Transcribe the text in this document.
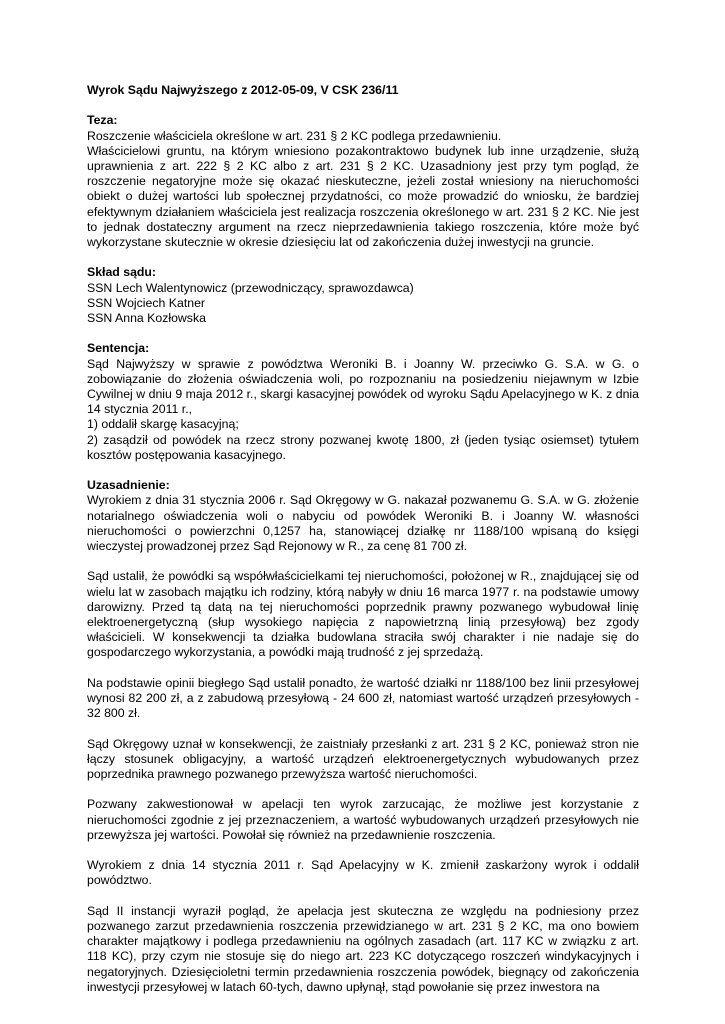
Wyrok Sądu Najwyższego z 2012-05-09, V CSK 236/11

Teza:

Roszczenie właściciela określone w art. 231 § 2 KC podlega przedawnieniu.

Właścicielowi gruntu, na którym wniesiono pozakontraktowo budynek lub inne urządzenie, służą uprawnienia z art. 222 § 2 KC albo z art. 231 § 2 KC. Uzasadniony jest przy tym pogląd, że roszczenie negatoryjne może się okazać nieskuteczne, jeżeli został wniesiony na nieruchomości obiekt o dużej wartości lub społecznej przydatności, co może prowadzić do wniosku, że bardziej efektywnym działaniem właściciela jest realizacja roszczenia określonego w art. 231 § 2 KC. Nie jest to jednak dostateczny argument na rzecz nieprzedawnienia takiego roszczenia, które może być wykorzystane skutecznie w okresie dziesięciu lat od zakończenia dużej inwestycji na gruncie.

Skład sądu:

SSN Lech Walentynowicz (przewodniczący, sprawozdawca)

SSN Wojciech Katner

SSN Anna Kozłowska

Sentencja:

Sąd Najwyższy w sprawie z powództwa Weroniki B. i Joanny W. przeciwko G. S.A. w G. o zobowiązanie do złożenia oświadczenia woli, po rozpoznaniu na posiedzeniu niejawnym w Izbie Cywilnej w dniu 9 maja 2012 r., skargi kasacyjnej powódek od wyroku Sądu Apelacyjnego w K. z dnia 14 stycznia 2011 r.,

1) oddalił skargę kasacyjną;

2) zasądził od powódek na rzecz strony pozwanej kwotę 1800, zł (jeden tysiąc osiemset) tytułem kosztów postępowania kasacyjnego.

Uzasadnienie:

Wyrokiem z dnia 31 stycznia 2006 r. Sąd Okręgowy w G. nakazał pozwanemu G. S.A. w G. złożenie notarialnego oświadczenia woli o nabyciu od powódek Weroniki B. i Joanny W. własności nieruchomości o powierzchni 0,1257 ha, stanowiącej działkę nr 1188/100 wpisaną do księgi wieczystej prowadzonej przez Sąd Rejonowy w R., za cenę 81 700 zł.

Sąd ustalił, że powódki są współwłaścicielkami tej nieruchomości, położonej w R., znajdującej się od wielu lat w zasobach majątku ich rodziny, którą nabyły w dniu 16 marca 1977 r. na podstawie umowy darowizny. Przed tą datą na tej nieruchomości poprzednik prawny pozwanego wybudował linię elektroenergetyczną (słup wysokiego napięcia z napowietrzną linią przesyłową) bez zgody właścicieli. W konsekwencji ta działka budowlana straciła swój charakter i nie nadaje się do gospodarczego wykorzystania, a powódki mają trudność z jej sprzedażą.

Na podstawie opinii biegłego Sąd ustalił ponadto, że wartość działki nr 1188/100 bez linii przesyłowej wynosi 82 200 zł, a z zabudową przesyłową - 24 600 zł, natomiast wartość urządzeń przesyłowych - 32 800 zł.

Sąd Okręgowy uznał w konsekwencji, że zaistniały przesłanki z art. 231 § 2 KC, ponieważ stron nie łączy stosunek obligacyjny, a wartość urządzeń elektroenergetycznych wybudowanych przez poprzednika prawnego pozwanego przewyższa wartość nieruchomości.

Pozwany zakwestionował w apelacji ten wyrok zarzucając, że możliwe jest korzystanie z nieruchomości zgodnie z jej przeznaczeniem, a wartość wybudowanych urządzeń przesyłowych nie przewyższa jej wartości. Powołał się również na przedawnienie roszczenia.

Wyrokiem z dnia 14 stycznia 2011 r. Sąd Apelacyjny w K. zmienił zaskarżony wyrok i oddalił powództwo.

Sąd II instancji wyraził pogląd, że apelacja jest skuteczna ze względu na podniesiony przez pozwanego zarzut przedawnienia roszczenia przewidzianego w art. 231 § 2 KC, ma ono bowiem charakter majątkowy i podlega przedawnieniu na ogólnych zasadach (art. 117 KC w związku z art. 118 KC), przy czym nie stosuje się do niego art. 223 KC dotyczącego roszczeń windykacyjnych i negatoryjnych. Dziesięcioletni termin przedawnienia roszczenia powódek, biegnący od zakończenia inwestycji przesyłowej w latach 60-tych, dawno upłynął, stąd powołanie się przez inwestora na
